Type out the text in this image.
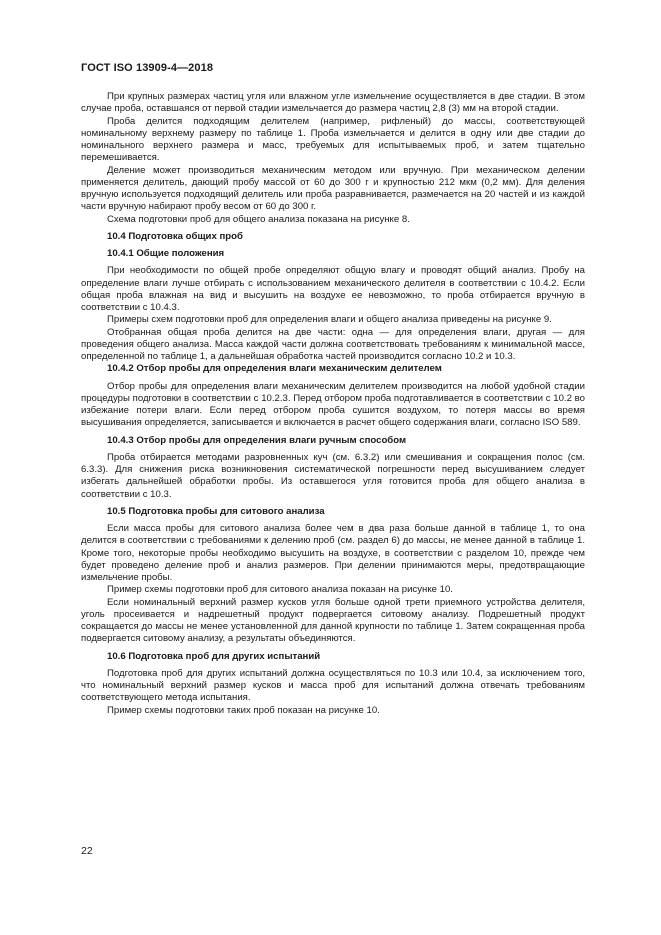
ГОСТ ISO 13909-4—2018

При крупных размерах частиц угля или влажном угле измельчение осуществляется в две стадии. В этом случае проба, оставшаяся от первой стадии измельчается до размера частиц 2,8 (3) мм на второй стадии.

Проба делится подходящим делителем (например, рифленый) до массы, соответствующей номинальному верхнему размеру по таблице 1. Проба измельчается и делится в одну или две стадии до номинального верхнего размера и масс, требуемых для испытываемых проб, и затем тщательно перемешивается.

Деление может производиться механическим методом или вручную. При механическом делении применяется делитель, дающий пробу массой от 60 до 300 г и крупностью 212 мкм (0,2 мм). Для деления вручную используется подходящий делитель или проба разравнивается, размечается на 20 частей и из каждой части вручную набирают пробу весом от 60 до 300 г.

Схема подготовки проб для общего анализа показана на рисунке 8.

10.4 Подготовка общих проб
10.4.1 Общие положения

При необходимости по общей пробе определяют общую влагу и проводят общий анализ. Пробу на определение влаги лучше отбирать с использованием механического делителя в соответствии с 10.4.2. Если общая проба влажная на вид и высушить на воздухе ее невозможно, то проба отбирается вручную в соответствии с 10.4.3.

Примеры схем подготовки проб для определения влаги и общего анализа приведены на рисунке 9.

Отобранная общая проба делится на две части: одна — для определения влаги, другая — для проведения общего анализа. Масса каждой части должна соответствовать требованиям к минимальной массе, определенной по таблице 1, а дальнейшая обработка частей производится согласно 10.2 и 10.3.

10.4.2 Отбор пробы для определения влаги механическим делителем

Отбор пробы для определения влаги механическим делителем производится на любой удобной стадии процедуры подготовки в соответствии с 10.2.3. Перед отбором проба подготавливается в соответствии с 10.2 во избежание потери влаги. Если перед отбором проба сушится воздухом, то потеря массы во время высушивания определяется, записывается и включается в расчет общего содержания влаги, согласно ISO 589.

10.4.3 Отбор пробы для определения влаги ручным способом

Проба отбирается методами разровненных куч (см. 6.3.2) или смешивания и сокращения полос (см. 6.3.3). Для снижения риска возникновения систематической погрешности перед высушиванием следует избегать дальнейшей обработки пробы. Из оставшегося угля готовится проба для общего анализа в соответствии с 10.3.

10.5 Подготовка пробы для ситового анализа

Если масса пробы для ситового анализа более чем в два раза больше данной в таблице 1, то она делится в соответствии с требованиями к делению проб (см. раздел 6) до массы, не менее данной в таблице 1. Кроме того, некоторые пробы необходимо высушить на воздухе, в соответствии с разделом 10, прежде чем будет проведено деление проб и анализ размеров. При делении принимаются меры, предотвращающие измельчение пробы.

Пример схемы подготовки проб для ситового анализа показан на рисунке 10.

Если номинальный верхний размер кусков угля больше одной трети приемного устройства делителя, уголь просеивается и надрешетный продукт подвергается ситовому анализу. Подрешетный продукт сокращается до массы не менее установленной для данной крупности по таблице 1. Затем сокращенная проба подвергается ситовому анализу, а результаты объединяются.

10.6 Подготовка проб для других испытаний

Подготовка проб для других испытаний должна осуществляться по 10.3 или 10.4, за исключением того, что номинальный верхний размер кусков и масса проб для испытаний должна отвечать требованиям соответствующего метода испытания.

Пример схемы подготовки таких проб показан на рисунке 10.

22
